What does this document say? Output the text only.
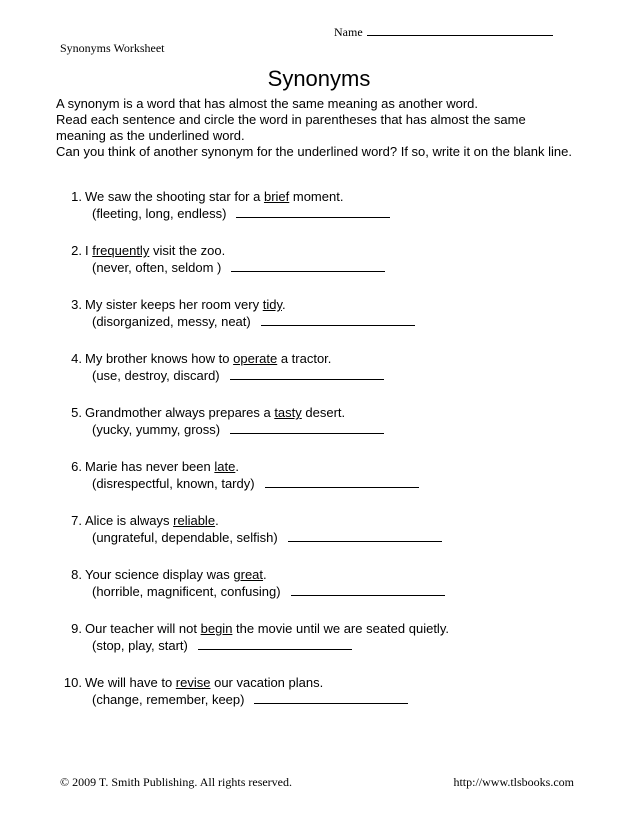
Name
Synonyms Worksheet
Synonyms

A synonym is a word that has almost the same meaning as another word.

Read each sentence and circle the word in parentheses that has almost the same meaning as the underlined word.

Can you think of another synonym for the underlined word? If so, write it on the blank line.

1. We saw the shooting star for a brief moment.
(fleeting, long, endless)
2. I frequently visit the zoo.
(never, often, seldom )
3. My sister keeps her room very tidy.
(disorganized, messy, neat)
4. My brother knows how to operate a tractor.
(use, destroy, discard)
5. Grandmother always prepares a tasty desert.
(yucky, yummy, gross)
6. Marie has never been late.
(disrespectful, known, tardy)
7. Alice is always reliable.
(ungrateful, dependable, selfish)
8. Your science display was great.
(horrible, magnificent, confusing)
9. Our teacher will not begin the movie until we are seated quietly.
(stop, play, start)
10. We will have to revise our vacation plans.
(change, remember, keep)
© 2009 T. Smith Publishing. All rights reserved.	http://www.tlsbooks.com
